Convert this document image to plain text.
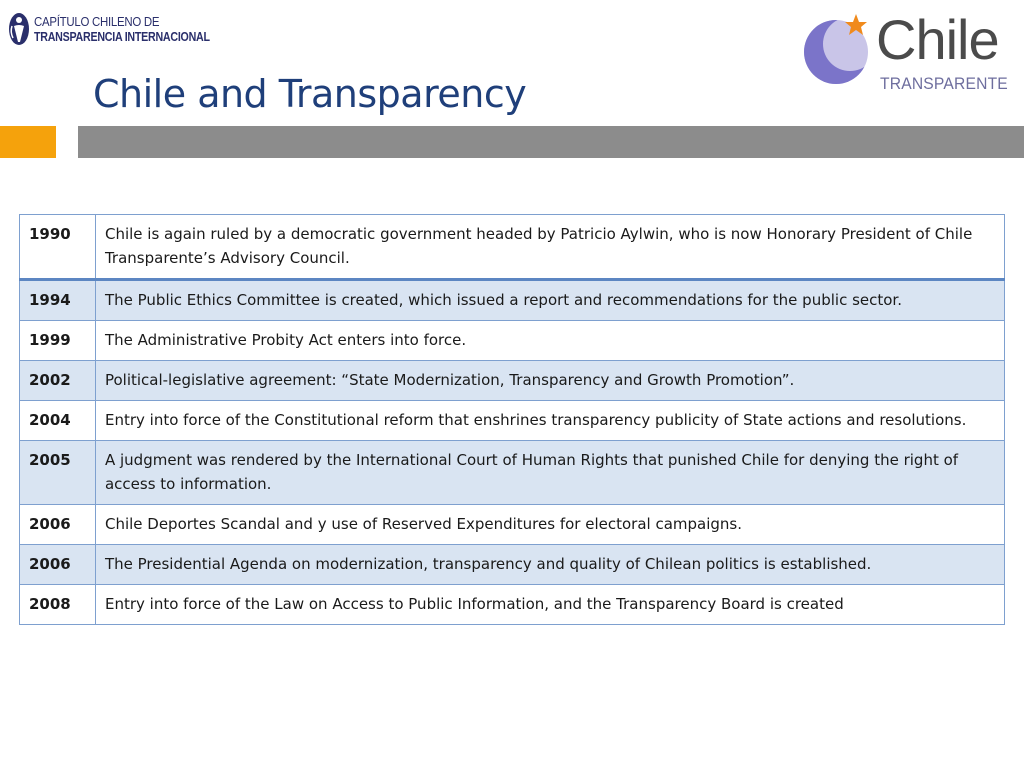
CAPÍTULO CHILENO DE
TRANSPARENCIA INTERNACIONAL	Chile
TRANSPARENTE
Chile and Transparency
1990	Chile is again ruled by a democratic government headed by Patricio Aylwin, who is now Honorary President of Chile Transparente’s Advisory Council.
1994	The Public Ethics Committee is created, which issued a report and recommendations for the public sector.
1999	The Administrative Probity Act enters into force.
2002	Political-legislative agreement: “State Modernization, Transparency and Growth Promotion”.
2004	Entry into force of the Constitutional reform that enshrines transparency publicity of State actions and resolutions.
2005	A judgment was rendered by the International Court of Human Rights that punished Chile for denying the right of access to information.
2006	Chile Deportes Scandal and y use of Reserved Expenditures for electoral campaigns.
2006	The Presidential Agenda on modernization, transparency and quality of Chilean politics is established.
2008	Entry into force of the Law on Access to Public Information, and the Transparency Board is created
